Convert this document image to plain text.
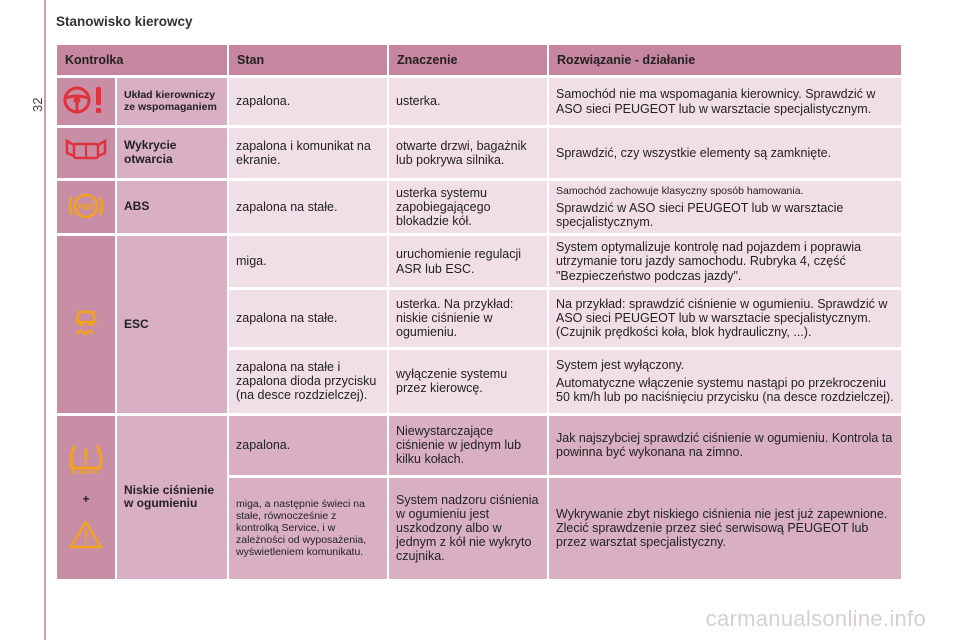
32
Stanowisko kierowcy
Kontrolka		Stan	Znaczenie	Rozwiązanie - działanie
	Układ kierowniczy ze wspomaganiem	zapalona.	usterka.	Samochód nie ma wspomagania kierownicy. Sprawdzić w ASO sieci PEUGEOT lub w warsztacie specjalistycznym.
	Wykrycie otwarcia	zapalona i komunikat na ekranie.	otwarte drzwi, bagażnik lub pokrywa silnika.	Sprawdzić, czy wszystkie elementy są zamknięte.

ABS	ABS	zapalona na stałe.	usterka systemu zapobiegającego blokadzie kół.	Samochód zachowuje klasyczny sposób hamowania.
Sprawdzić w ASO sieci PEUGEOT lub w warsztacie specjalistycznym.

	ESC	miga.	uruchomienie regulacji ASR lub ESC.	System optymalizuje kontrolę nad pojazdem i poprawia utrzymanie toru jazdy samochodu. Rubryka 4, część "Bezpieczeństwo podczas jazdy".
		zapalona na stałe.	usterka. Na przykład: niskie ciśnienie w ogumieniu.	Na przykład: sprawdzić ciśnienie w ogumieniu. Sprawdzić w ASO sieci PEUGEOT lub w warsztacie specjalistycznym. (Czujnik prędkości koła, blok hydrauliczny, ...).
		zapalona na stałe i zapalona dioda przycisku (na desce rozdzielczej).	wyłączenie systemu przez kierowcę.	System jest wyłączony.
Automatyczne włączenie systemu nastąpi po przekroczeniu 50 km/h lub po naciśnięciu przycisku (na desce rozdzielczej).

+	Niskie ciśnienie w ogumieniu	zapalona.	Niewystarczające ciśnienie w jednym lub kilku kołach.	Jak najszybciej sprawdzić ciśnienie w ogumieniu. Kontrola ta powinna być wykonana na zimno.
		miga, a następnie świeci na stałe, równocześnie z kontrolką Service, i w zależności od wyposażenia, wyświetleniem komunikatu.	System nadzoru ciśnienia w ogumieniu jest uszkodzony albo w jednym z kół nie wykryto czujnika.	Wykrywanie zbyt niskiego ciśnienia nie jest już zapewnione. Zlecić sprawdzenie przez sieć serwisową PEUGEOT lub przez warsztat specjalistyczny.
carmanualsonline.info
